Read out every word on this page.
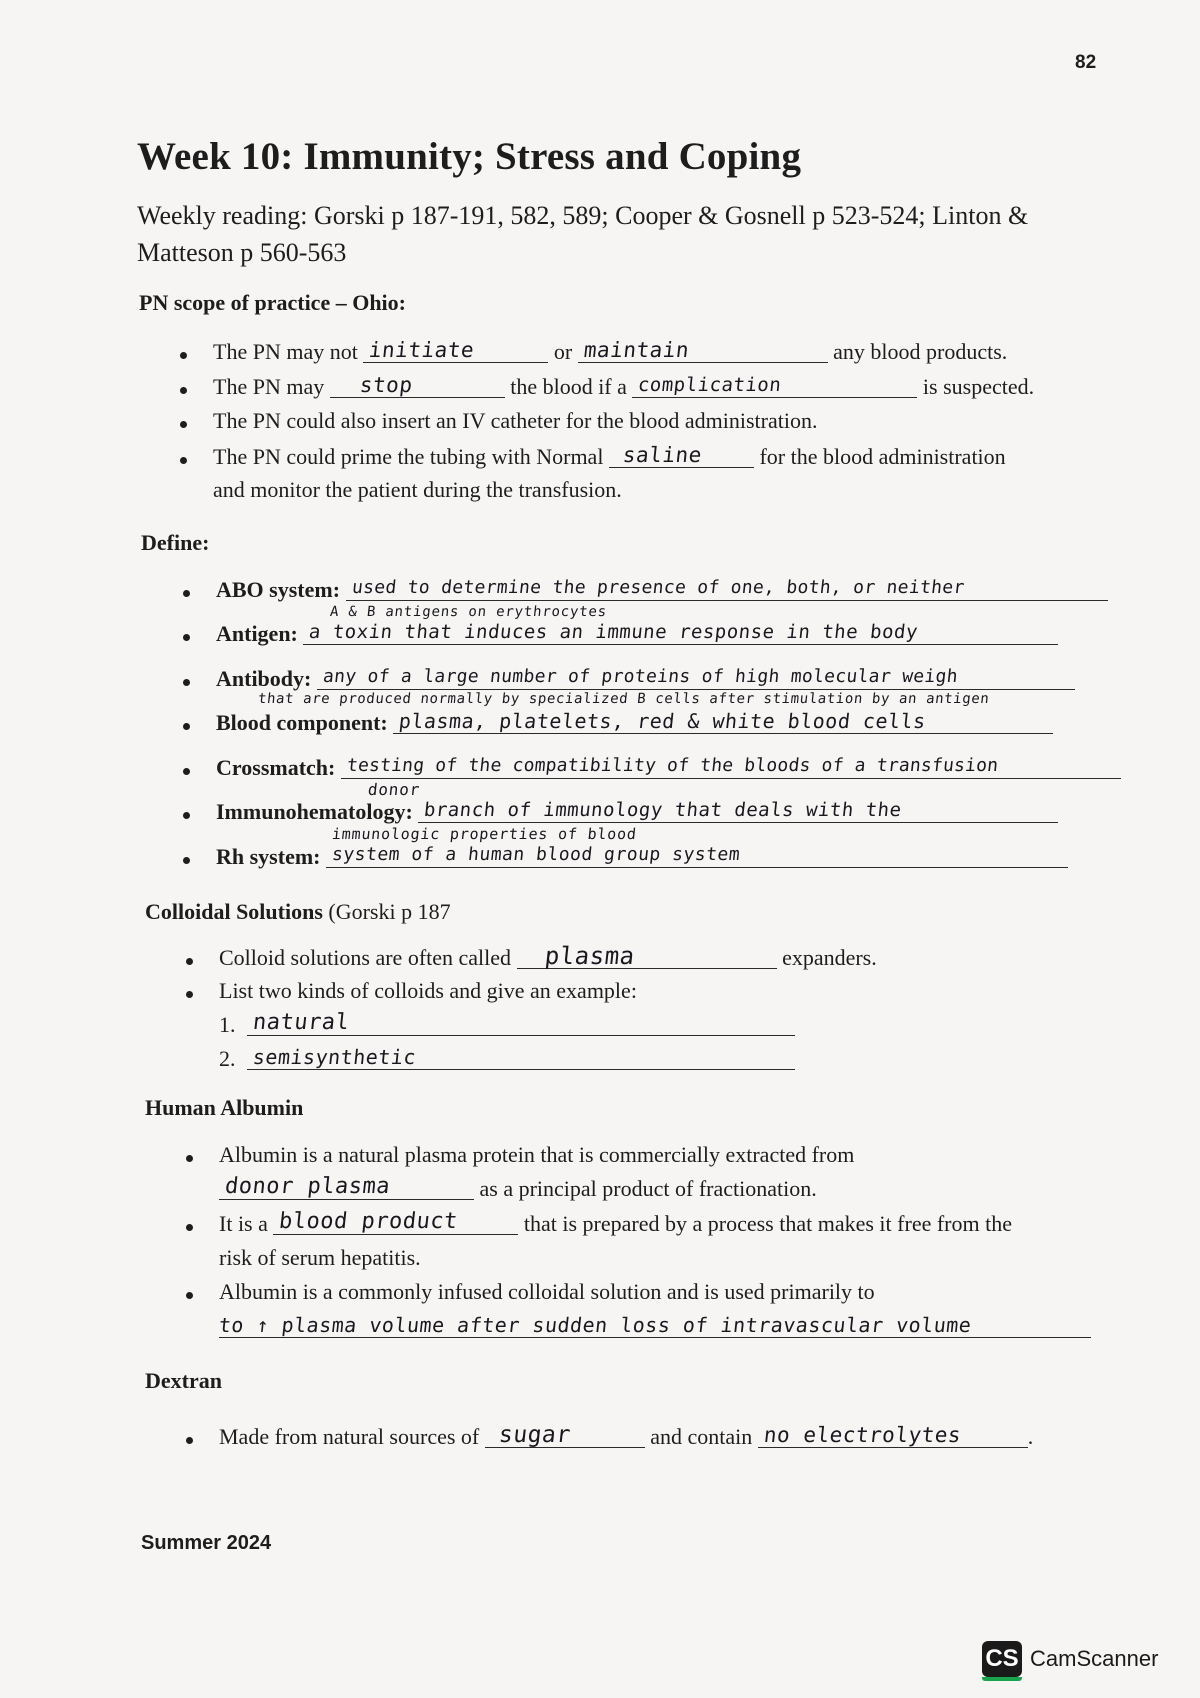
82
Week 10: Immunity; Stress and Coping
Weekly reading: Gorski p 187-191, 582, 589; Cooper & Gosnell p 523-524; Linton & Matteson p 560-563
PN scope of practice – Ohio:
The PN may not initiate	or maintain	any blood products.
The PN may stop	the blood if a complication	is suspected.
The PN could also insert an IV catheter for the blood administration.
The PN could prime the tubing with Normal saline	for the blood administration
and monitor the patient during the transfusion.
Define:
ABO system: used to determine the presence of one, both, or neither
A & B antigens on erythrocytes
Antigen: a toxin that induces an immune response in the body
Antibody: any of a large number of proteins of high molecular weigh
that are produced normally by specialized B cells after stimulation by an antigen
Blood component: plasma, platelets, red & white blood cells
Crossmatch: testing of the compatibility of the bloods of a transfusion
donor
Immunohematology: branch of immunology that deals with the
immunologic properties of blood
Rh system: system of a human blood group system
Colloidal Solutions (Gorski p 187
Colloid solutions are often called plasma	expanders.
List two kinds of colloids and give an example:
1. natural
2. semisynthetic
Human Albumin
Albumin is a natural plasma protein that is commercially extracted from
donor plasma	as a principal product of fractionation.
It is a blood product	that is prepared by a process that makes it free from the
risk of serum hepatitis.
Albumin is a commonly infused colloidal solution and is used primarily to
to ↑ plasma volume after sudden loss of intravascular volume
Dextran
Made from natural sources of sugar	and contain no electrolytes	.
Summer 2024
CS CamScanner
